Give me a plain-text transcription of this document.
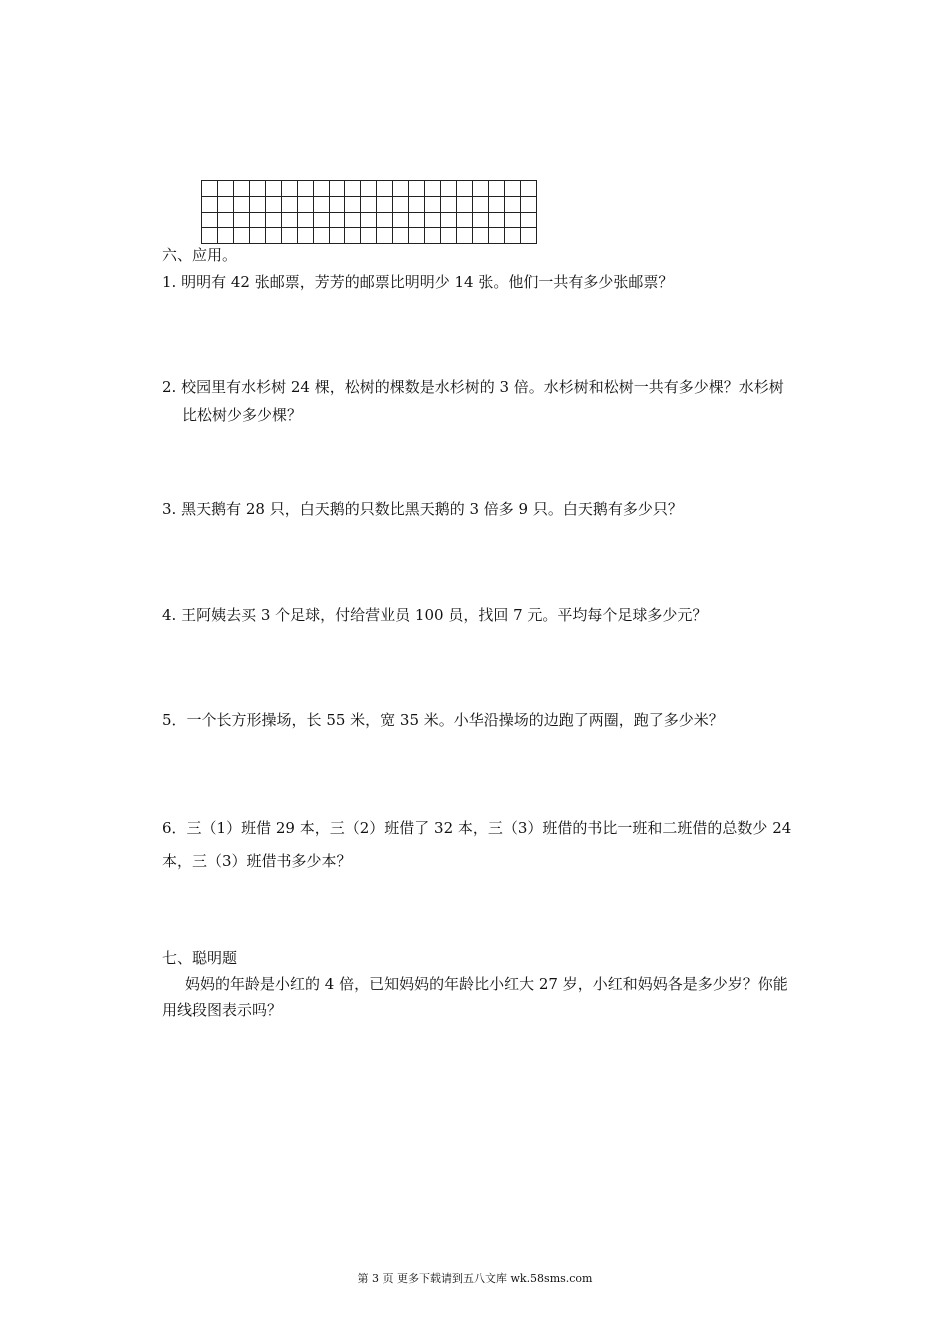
六、应用。
1. 明明有 42 张邮票，芳芳的邮票比明明少 14 张。他们一共有多少张邮票？
2. 校园里有水杉树 24 棵，松树的棵数是水杉树的 3 倍。水杉树和松树一共有多少棵？水杉树
比松树少多少棵？
3. 黑天鹅有 28 只，白天鹅的只数比黑天鹅的 3 倍多 9 只。白天鹅有多少只？
4. 王阿姨去买 3 个足球，付给营业员 100 员，找回 7 元。平均每个足球多少元？
5．一个长方形操场，长 55 米，宽 35 米。小华沿操场的边跑了两圈，跑了多少米？
6．三（1）班借 29 本，三（2）班借了 32 本，三（3）班借的书比一班和二班借的总数少 24
本，三（3）班借书多少本？
七、聪明题
妈妈的年龄是小红的 4 倍，已知妈妈的年龄比小红大 27 岁，小红和妈妈各是多少岁？你能
用线段图表示吗？
第 3 页 更多下载请到五八文库 wk.58sms.com
